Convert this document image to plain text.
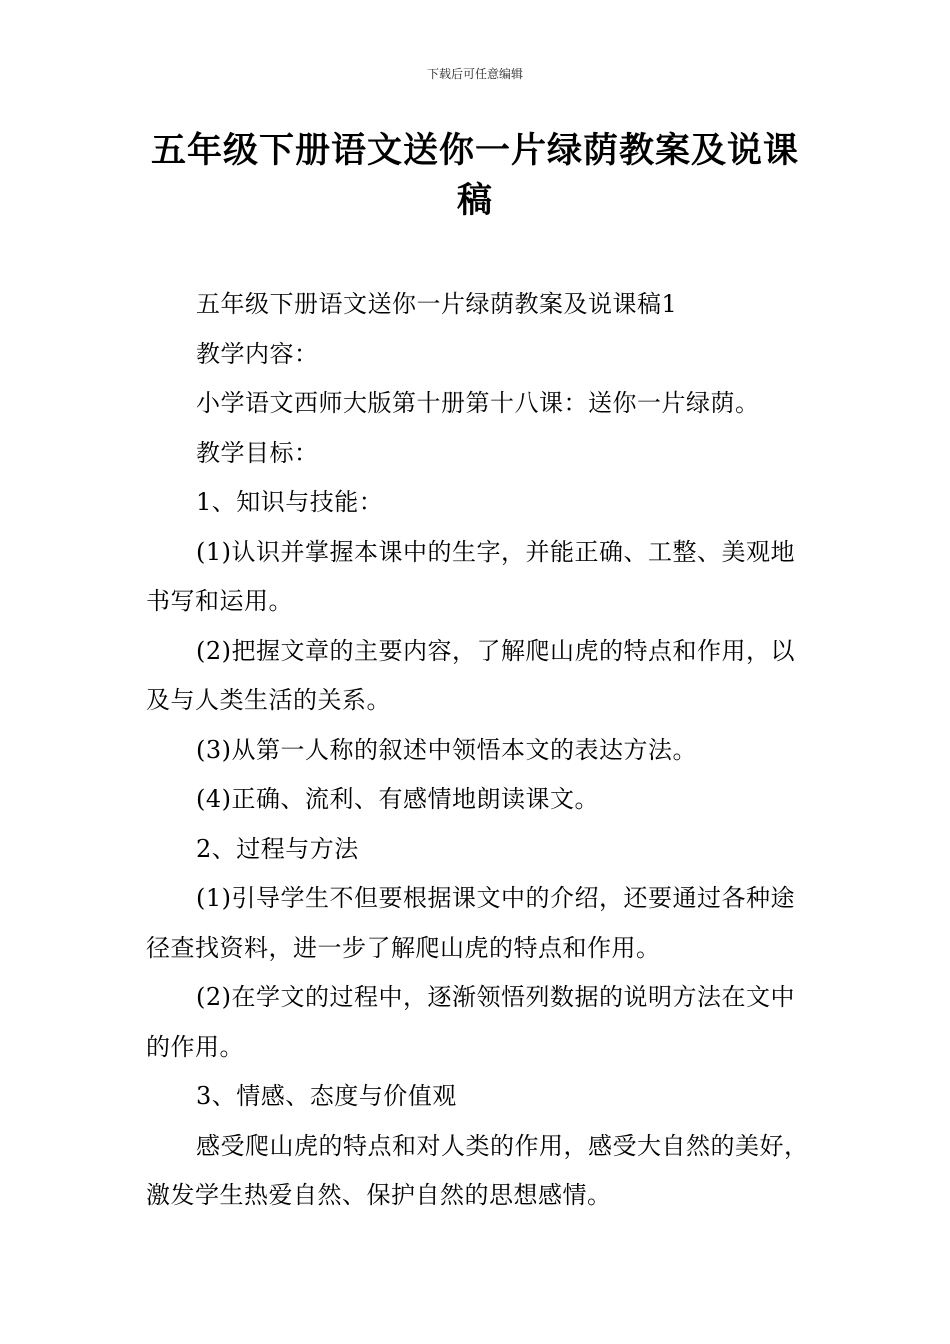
下载后可任意编辑
五年级下册语文送你一片绿荫教案及说课
稿

五年级下册语文送你一片绿荫教案及说课稿1

教学内容：

小学语文西师大版第十册第十八课：送你一片绿荫。

教学目标：

1、知识与技能：

(1)认识并掌握本课中的生字，并能正确、工整、美观地书写和运用。

(2)把握文章的主要内容，了解爬山虎的特点和作用，以及与人类生活的关系。

(3)从第一人称的叙述中领悟本文的表达方法。

(4)正确、流利、有感情地朗读课文。

2、过程与方法

(1)引导学生不但要根据课文中的介绍，还要通过各种途径查找资料，进一步了解爬山虎的特点和作用。

(2)在学文的过程中，逐渐领悟列数据的说明方法在文中的作用。

3、情感、态度与价值观

感受爬山虎的特点和对人类的作用，感受大自然的美好，激发学生热爱自然、保护自然的思想感情。
